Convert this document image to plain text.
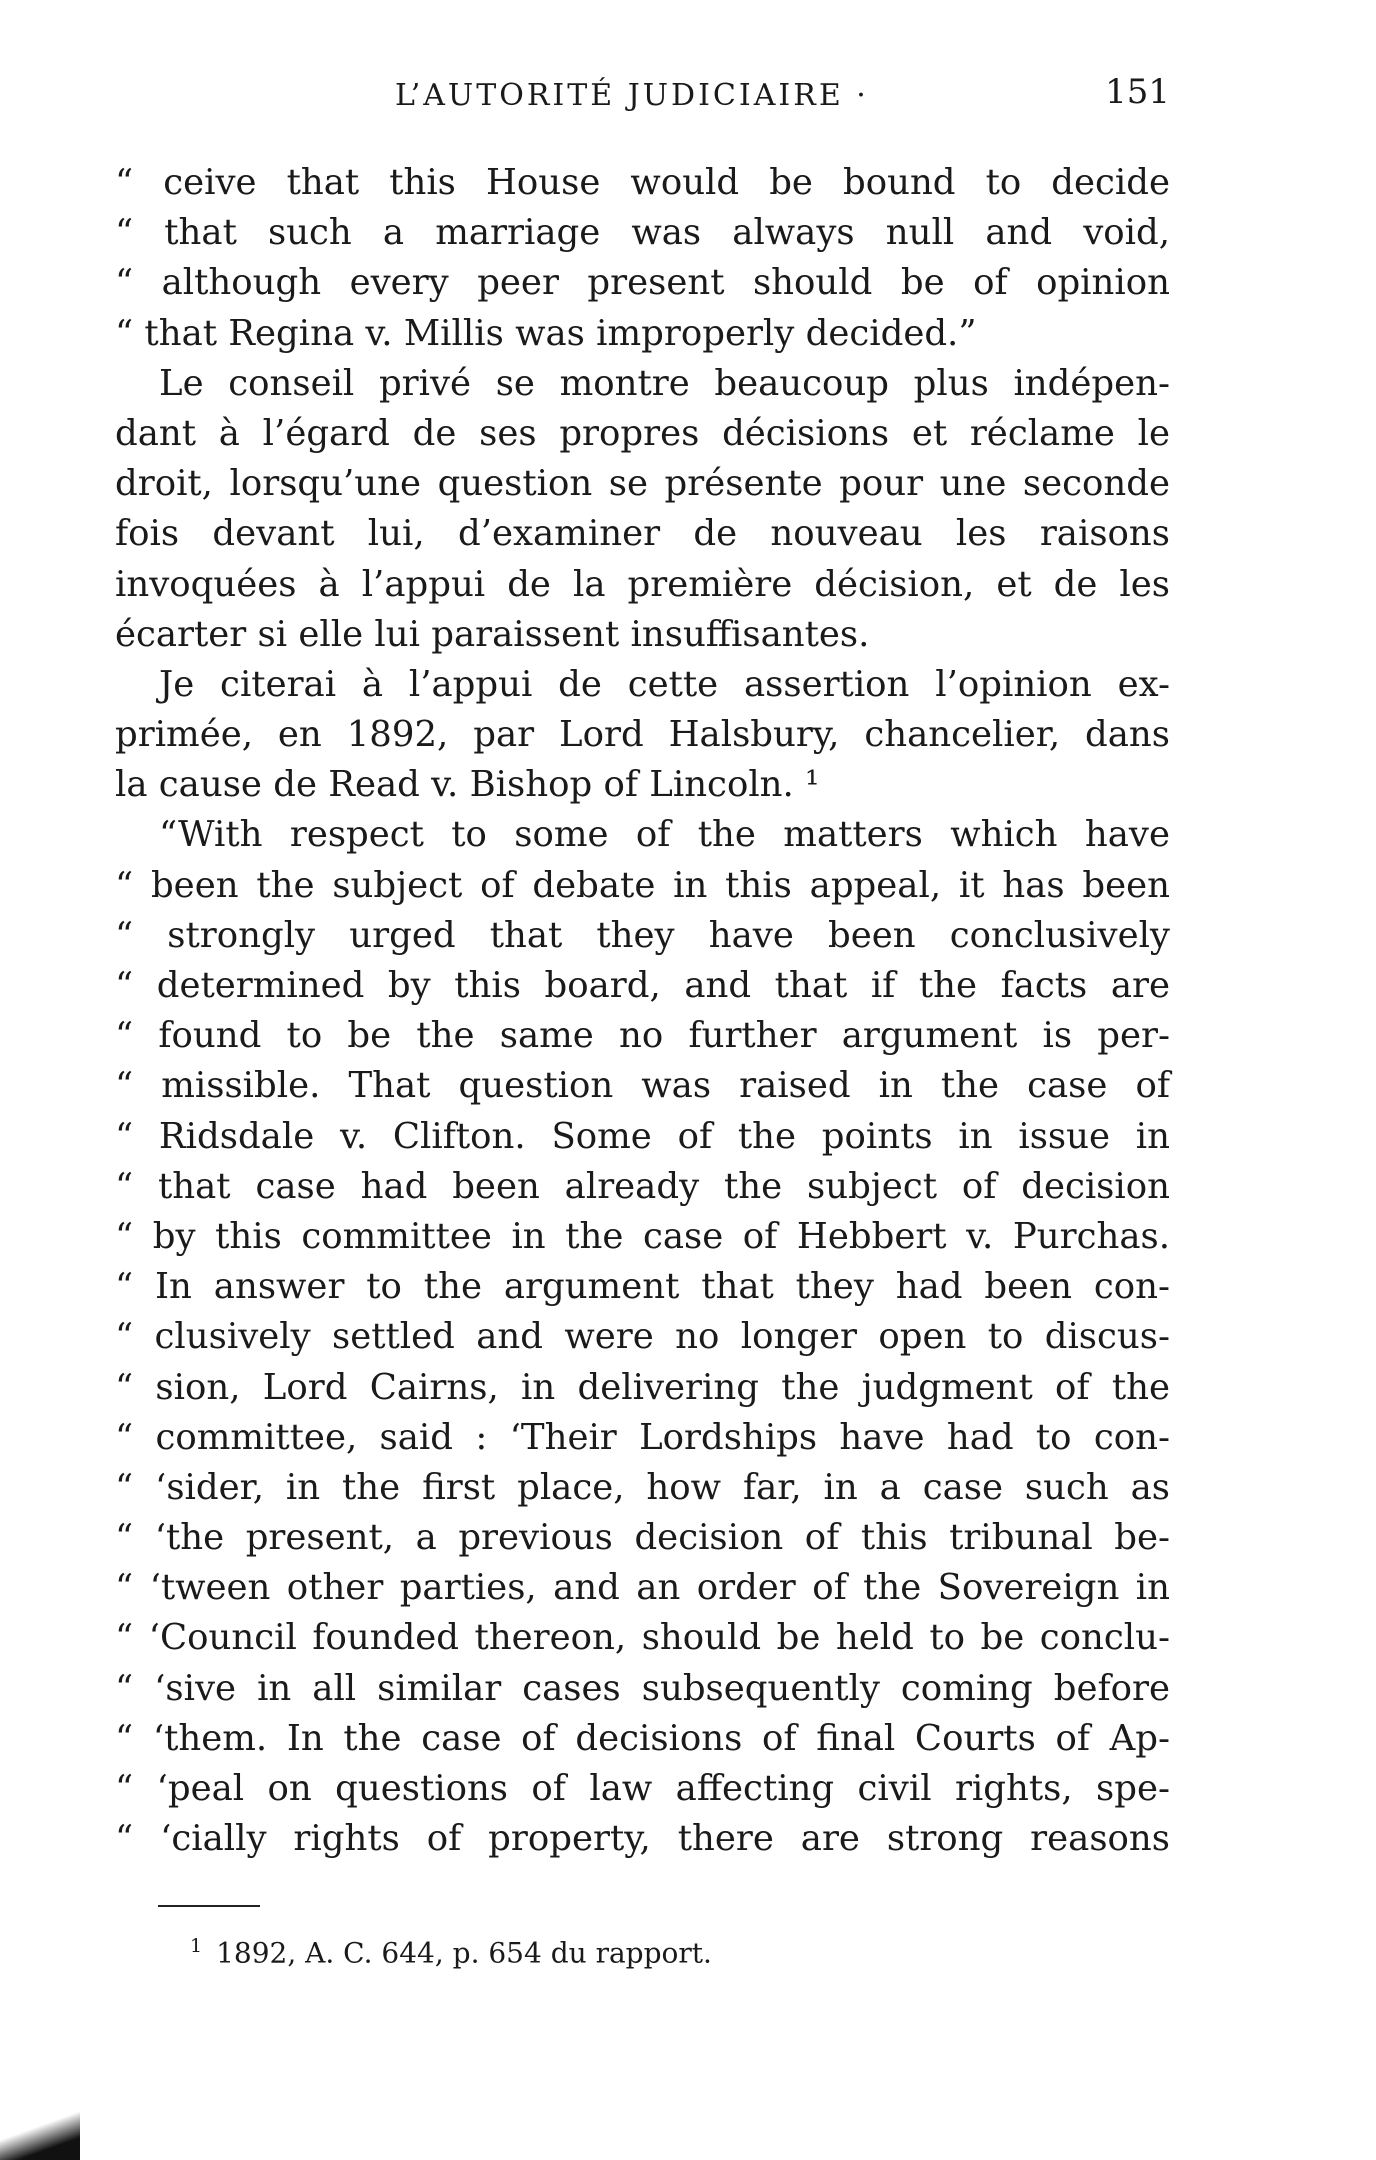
L’AUTORITÉ JUDICIAIRE ·	151
“ ceive that this House would be bound to decide
“ that such a marriage was always null and void,
“ although every peer present should be of opinion
“ that Regina v. Millis was improperly decided.”
Le conseil privé se montre beaucoup plus indépen-
dant à l’égard de ses propres décisions et réclame le
droit, lorsqu’une question se présente pour une seconde
fois devant lui, d’examiner de nouveau les raisons
invoquées à l’appui de la première décision, et de les
écarter si elle lui paraissent insuffisantes.
Je citerai à l’appui de cette assertion l’opinion ex-
primée, en 1892, par Lord Halsbury, chancelier, dans
la cause de Read v. Bishop of Lincoln. ¹
“With respect to some of the matters which have
“ been the subject of debate in this appeal, it has been
“ strongly urged that they have been conclusively
“ determined by this board, and that if the facts are
“ found to be the same no further argument is per-
“ missible. That question was raised in the case of
“ Ridsdale v. Clifton. Some of the points in issue in
“ that case had been already the subject of decision
“ by this committee in the case of Hebbert v. Purchas.
“ In answer to the argument that they had been con-
“ clusively settled and were no longer open to discus-
“ sion, Lord Cairns, in delivering the judgment of the
“ committee, said : ‘Their Lordships have had to con-
“ ‘sider, in the first place, how far, in a case such as
“ ‘the present, a previous decision of this tribunal be-
“ ‘tween other parties, and an order of the Sovereign in
“ ‘Council founded thereon, should be held to be conclu-
“ ‘sive in all similar cases subsequently coming before
“ ‘them. In the case of decisions of final Courts of Ap-
“ ‘peal on questions of law affecting civil rights, spe-
“ ‘cially rights of property, there are strong reasons
$^1$ 1892, A. C. 644, p. 654 du rapport.
